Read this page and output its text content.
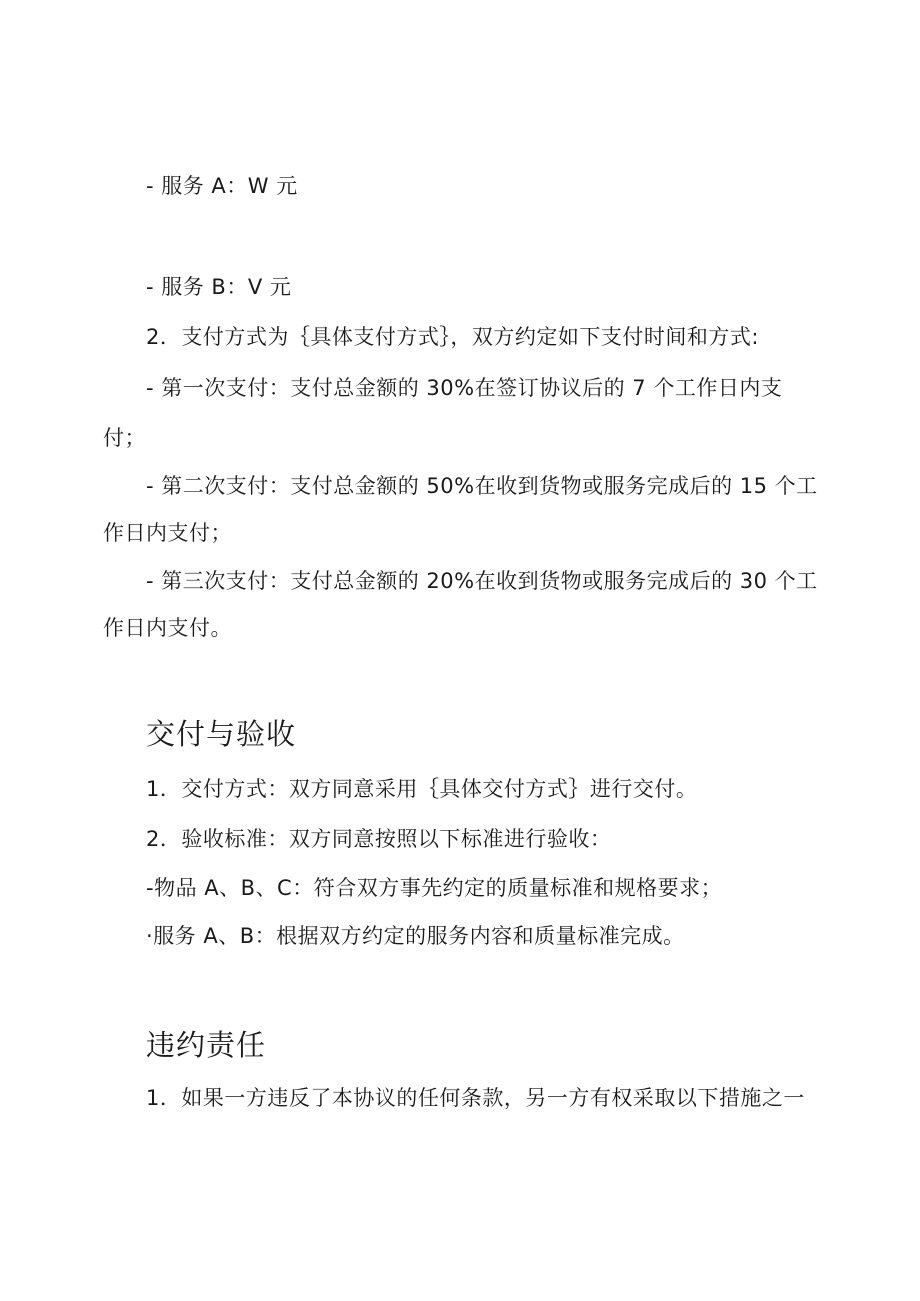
- 服务 A：W 元
- 服务 B：V 元
2．支付方式为｛具体支付方式｝，双方约定如下支付时间和方式:
- 第一次支付：支付总金额的 30%在签订协议后的 7 个工作日内支
付；
- 第二次支付：支付总金额的 50%在收到货物或服务完成后的 15 个工
作日内支付；
- 第三次支付：支付总金额的 20%在收到货物或服务完成后的 30 个工
作日内支付。
交付与验收
1．交付方式：双方同意采用｛具体交付方式｝进行交付。
2．验收标准：双方同意按照以下标准进行验收：
-物品 A、B、C：符合双方事先约定的质量标准和规格要求；
·服务 A、B：根据双方约定的服务内容和质量标准完成。
违约责任
1．如果一方违反了本协议的任何条款，另一方有权采取以下措施之一
